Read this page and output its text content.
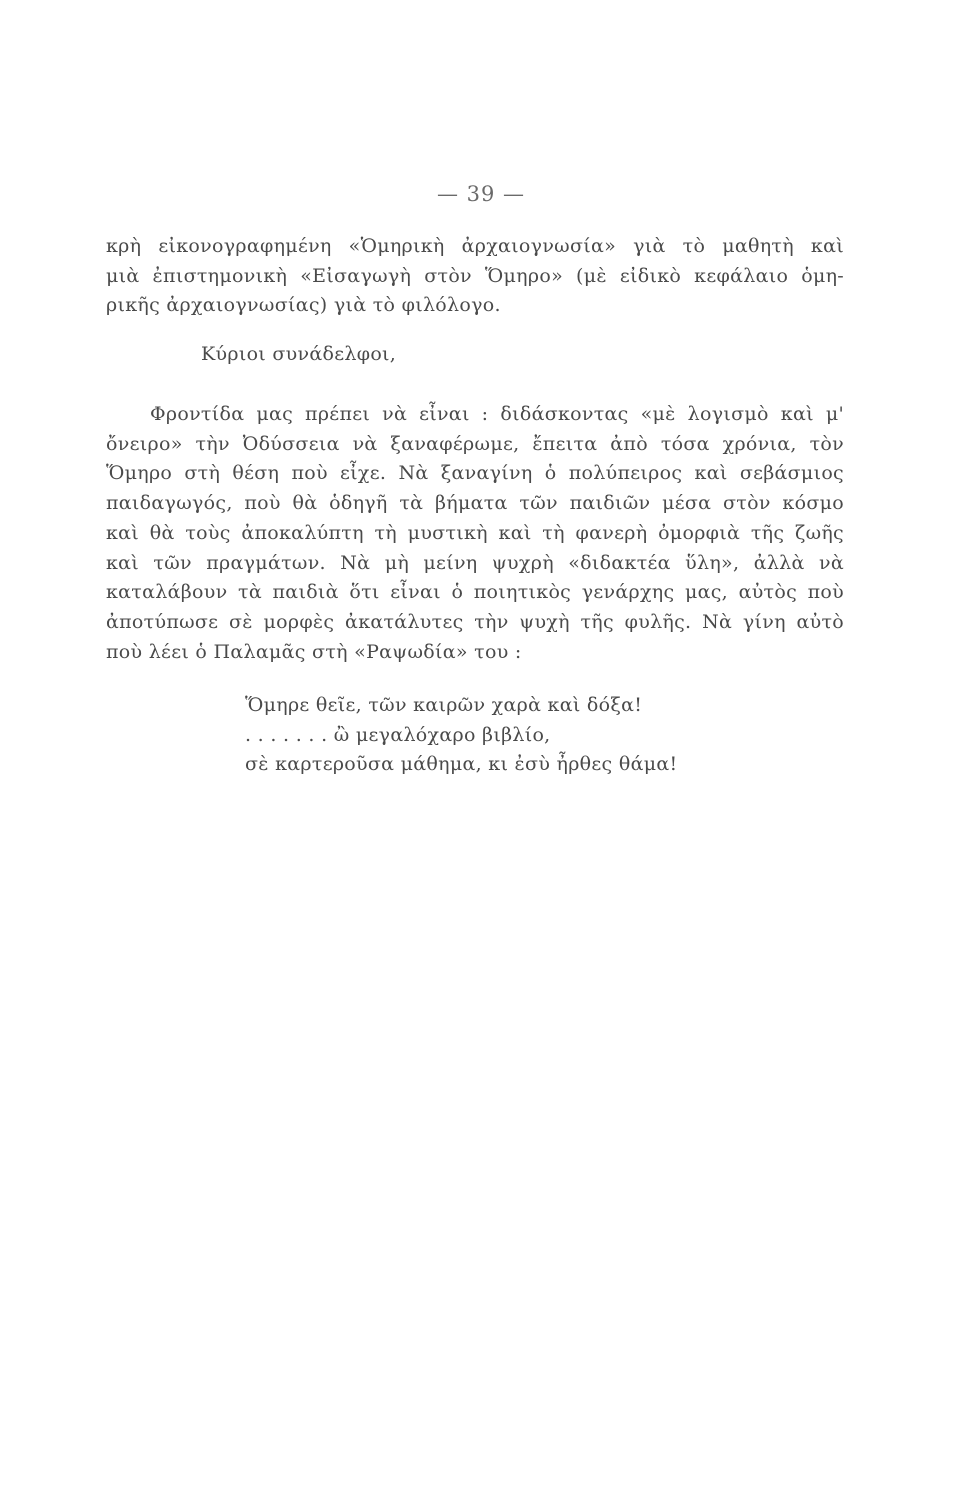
— 39 —
κρὴ εἰκονογραφημένη «Ὁμηρικὴ ἀρχαιογνωσία» γιὰ τὸ μαθητὴ καὶ
μιὰ ἐπιστημονικὴ «Εἰσαγωγὴ στὸν Ὅμηρο» (μὲ εἰδικὸ κεφάλαιο ὁμη-
ρικῆς ἀρχαιογνωσίας) γιὰ τὸ φιλόλογο.
Κύριοι συνάδελφοι,
Φροντίδα μας πρέπει νὰ εἶναι : διδάσκοντας «μὲ λογισμὸ καὶ μ'
ὄνειρο» τὴν Ὀδύσσεια νὰ ξαναφέρωμε, ἔπειτα ἀπὸ τόσα χρόνια, τὸν
Ὅμηρο στὴ θέση ποὺ εἶχε. Νὰ ξαναγίνη ὁ πολύπειρος καὶ σεβάσμιος
παιδαγωγός, ποὺ θὰ ὁδηγῆ τὰ βήματα τῶν παιδιῶν μέσα στὸν κόσμο
καὶ θὰ τοὺς ἀποκαλύπτη τὴ μυστικὴ καὶ τὴ φανερὴ ὀμορφιὰ τῆς ζωῆς
καὶ τῶν πραγμάτων. Νὰ μὴ μείνη ψυχρὴ «διδακτέα ὕλη», ἀλλὰ νὰ
καταλάβουν τὰ παιδιὰ ὅτι εἶναι ὁ ποιητικὸς γενάρχης μας, αὐτὸς ποὺ
ἀποτύπωσε σὲ μορφὲς ἀκατάλυτες τὴν ψυχὴ τῆς φυλῆς. Νὰ γίνη αὐτὸ
ποὺ λέει ὁ Παλαμᾶς στὴ «Ραψωδία» του :
Ὅμηρε θεῖε, τῶν καιρῶν χαρὰ καὶ δόξα!
. . . . . . . ὢ μεγαλόχαρο βιβλίο,
σὲ καρτεροῦσα μάθημα, κι ἐσὺ ἦρθες θάμα!
